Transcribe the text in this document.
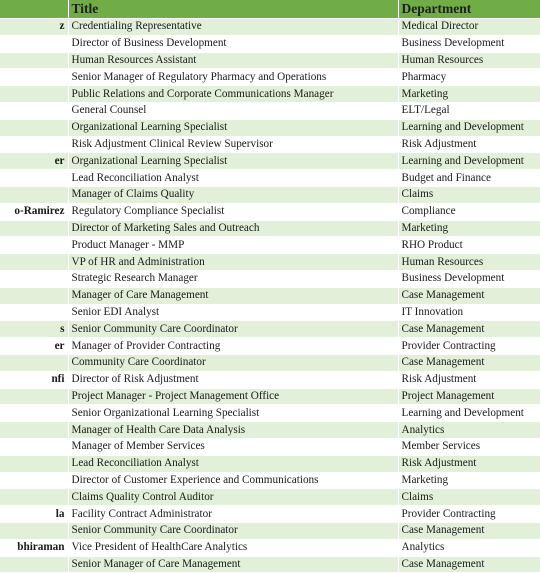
	Title	Department
z	Credentialing Representative	Medical Director
	Director of Business Development	Business Development
	Human Resources Assistant	Human Resources
	Senior Manager of Regulatory Pharmacy and Operations	Pharmacy
	Public Relations and Corporate Communications Manager	Marketing
	General Counsel	ELT/Legal
	Organizational Learning Specialist	Learning and Development
	Risk Adjustment Clinical Review Supervisor	Risk Adjustment
er	Organizational Learning Specialist	Learning and Development
	Lead Reconciliation Analyst	Budget and Finance
	Manager of Claims Quality	Claims
o-Ramirez	Regulatory Compliance Specialist	Compliance
	Director of Marketing Sales and Outreach	Marketing
	Product Manager - MMP	RHO Product
	VP of HR and Administration	Human Resources
	Strategic Research Manager	Business Development
	Manager of Care Management	Case Management
	Senior EDI Analyst	IT Innovation
s	Senior Community Care Coordinator	Case Management
er	Manager of Provider Contracting	Provider Contracting
	Community Care Coordinator	Case Management
nfi	Director of Risk Adjustment	Risk Adjustment
	Project Manager - Project Management Office	Project Management
	Senior Organizational Learning Specialist	Learning and Development
	Manager of Health Care Data Analysis	Analytics
	Manager of Member Services	Member Services
	Lead Reconciliation Analyst	Risk Adjustment
	Director of Customer Experience and Communications	Marketing
	Claims Quality Control Auditor	Claims
la	Facility Contract Administrator	Provider Contracting
	Senior Community Care Coordinator	Case Management
bhiraman	Vice President of HealthCare Analytics	Analytics
	Senior Manager of Care Management	Case Management
